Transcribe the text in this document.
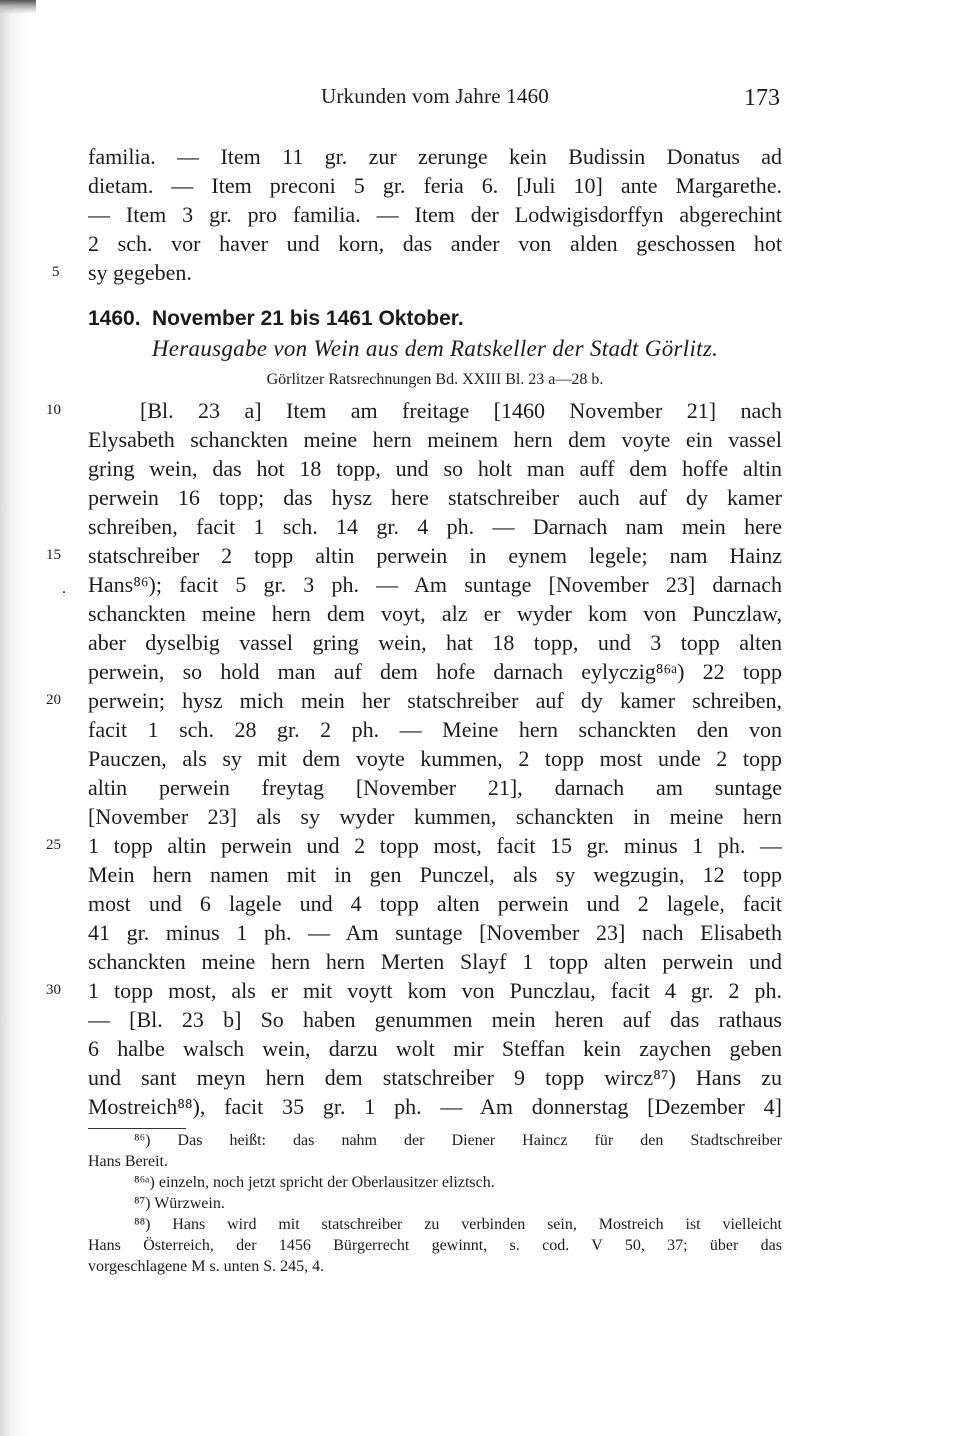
Urkunden vom Jahre 1460	173
familia. — Item 11 gr. zur zerunge kein Budissin Donatus ad
dietam. — Item preconi 5 gr. feria 6. [Juli 10] ante Margarethe.
— Item 3 gr. pro familia. — Item der Lodwigisdorffyn abgerechint
2 sch. vor haver und korn, das ander von alden geschossen hot
sy gegeben.
1460. November 21 bis 1461 Oktober.
Herausgabe von Wein aus dem Ratskeller der Stadt Görlitz.
Görlitzer Ratsrechnungen Bd. XXIII Bl. 23 a—28 b.
[Bl. 23 a] Item am freitage [1460 November 21] nach
Elysabeth schanckten meine hern meinem hern dem voyte ein vassel
gring wein, das hot 18 topp, und so holt man auff dem hoffe altin
perwein 16 topp; das hysz here statschreiber auch auf dy kamer
schreiben, facit 1 sch. 14 gr. 4 ph. — Darnach nam mein here
statschreiber 2 topp altin perwein in eynem legele; nam Hainz
Hans⁸⁶); facit 5 gr. 3 ph. — Am suntage [November 23] darnach
schanckten meine hern dem voyt, alz er wyder kom von Punczlaw,
aber dyselbig vassel gring wein, hat 18 topp, und 3 topp alten
perwein, so hold man auf dem hofe darnach eylyczig⁸⁶ᵃ) 22 topp
perwein; hysz mich mein her statschreiber auf dy kamer schreiben,
facit 1 sch. 28 gr. 2 ph. — Meine hern schanckten den von
Pauczen, als sy mit dem voyte kummen, 2 topp most unde 2 topp
altin perwein freytag [November 21], darnach am suntage
[November 23] als sy wyder kummen, schanckten in meine hern
1 topp altin perwein und 2 topp most, facit 15 gr. minus 1 ph. —
Mein hern namen mit in gen Punczel, als sy wegzugin, 12 topp
most und 6 lagele und 4 topp alten perwein und 2 lagele, facit
41 gr. minus 1 ph. — Am suntage [November 23] nach Elisabeth
schanckten meine hern hern Merten Slayf 1 topp alten perwein und
1 topp most, als er mit voytt kom von Punczlau, facit 4 gr. 2 ph.
— [Bl. 23 b] So haben genummen mein heren auf das rathaus
6 halbe walsch wein, darzu wolt mir Steffan kein zaychen geben
und sant meyn hern dem statschreiber 9 topp wircz⁸⁷) Hans zu
Mostreich⁸⁸), facit 35 gr. 1 ph. — Am donnerstag [Dezember 4]
5
10
15
20
25
30
.
⁸⁶) Das heißt: das nahm der Diener Haincz für den Stadtschreiber
Hans Bereit.
⁸⁶ᵃ) einzeln, noch jetzt spricht der Oberlausitzer eliztsch.
⁸⁷) Würzwein.
⁸⁸) Hans wird mit statschreiber zu verbinden sein, Mostreich ist vielleicht
Hans Österreich, der 1456 Bürgerrecht gewinnt, s. cod. V 50, 37; über das
vorgeschlagene M s. unten S. 245, 4.
